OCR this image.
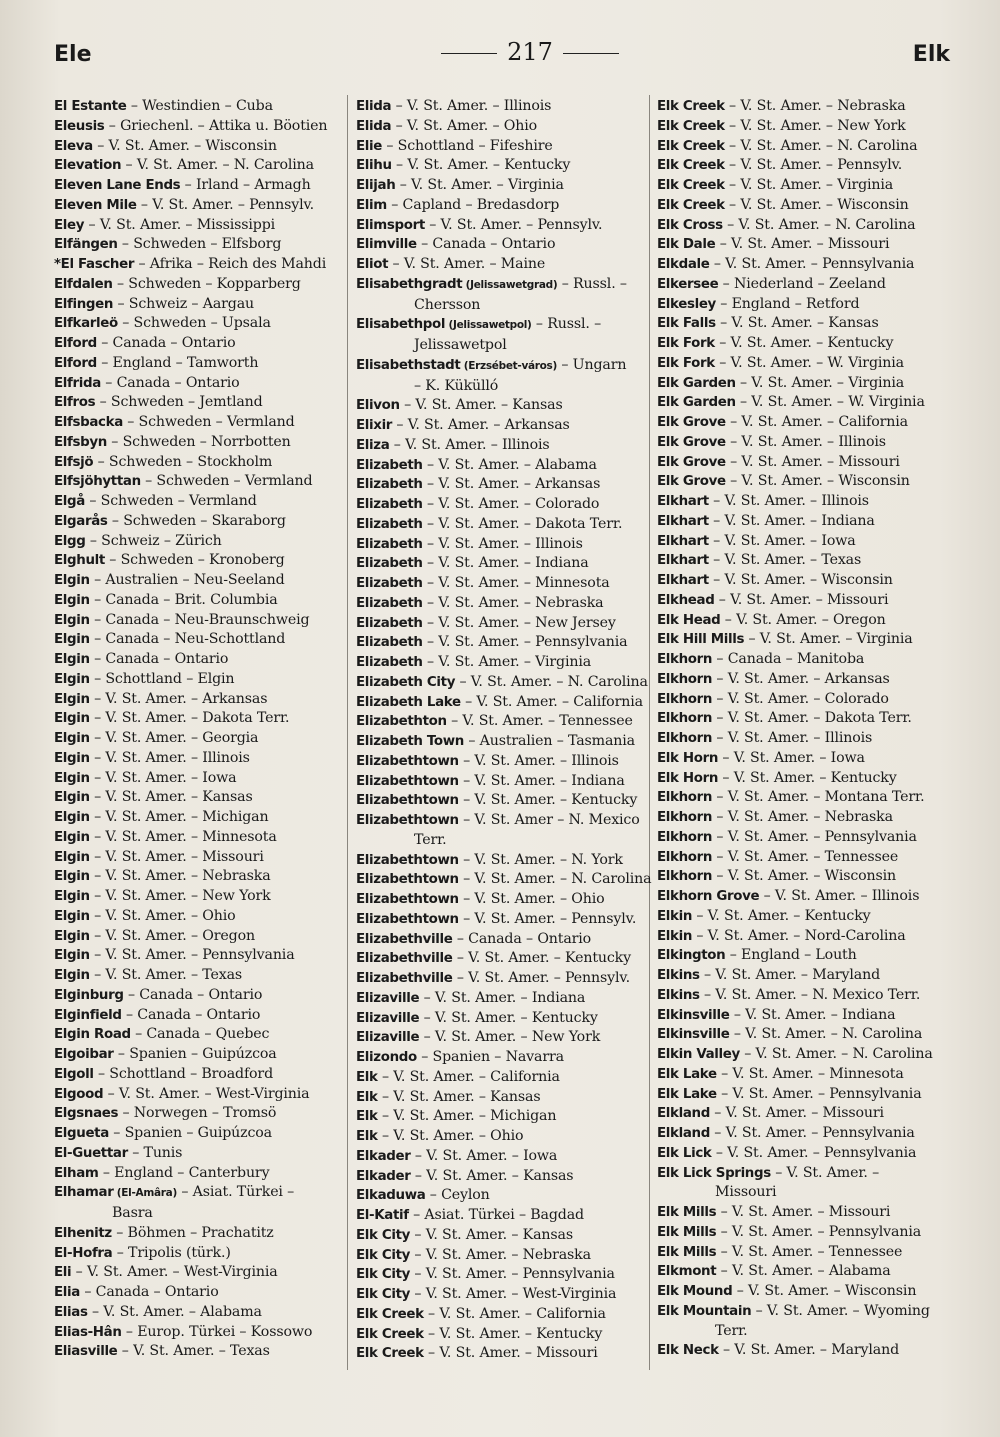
Ele	217	Elk
El Estante – Westindien – Cuba
Eleusis – Griechenl. – Attika u. Böotien
Eleva – V. St. Amer. – Wisconsin
Elevation – V. St. Amer. – N. Carolina
Eleven Lane Ends – Irland – Armagh
Eleven Mile – V. St. Amer. – Pennsylv.
Eley – V. St. Amer. – Mississippi
Elfängen – Schweden – Elfsborg
*El Fascher – Afrika – Reich des Mahdi
Elfdalen – Schweden – Kopparberg
Elfingen – Schweiz – Aargau
Elfkarleö – Schweden – Upsala
Elford – Canada – Ontario
Elford – England – Tamworth
Elfrida – Canada – Ontario
Elfros – Schweden – Jemtland
Elfsbacka – Schweden – Vermland
Elfsbyn – Schweden – Norrbotten
Elfsjö – Schweden – Stockholm
Elfsjöhyttan – Schweden – Vermland
Elgå – Schweden – Vermland
Elgarås – Schweden – Skaraborg
Elgg – Schweiz – Zürich
Elghult – Schweden – Kronoberg
Elgin – Australien – Neu-Seeland
Elgin – Canada – Brit. Columbia
Elgin – Canada – Neu-Braunschweig
Elgin – Canada – Neu-Schottland
Elgin – Canada – Ontario
Elgin – Schottland – Elgin
Elgin – V. St. Amer. – Arkansas
Elgin – V. St. Amer. – Dakota Terr.
Elgin – V. St. Amer. – Georgia
Elgin – V. St. Amer. – Illinois
Elgin – V. St. Amer. – Iowa
Elgin – V. St. Amer. – Kansas
Elgin – V. St. Amer. – Michigan
Elgin – V. St. Amer. – Minnesota
Elgin – V. St. Amer. – Missouri
Elgin – V. St. Amer. – Nebraska
Elgin – V. St. Amer. – New York
Elgin – V. St. Amer. – Ohio
Elgin – V. St. Amer. – Oregon
Elgin – V. St. Amer. – Pennsylvania
Elgin – V. St. Amer. – Texas
Elginburg – Canada – Ontario
Elginfield – Canada – Ontario
Elgin Road – Canada – Quebec
Elgoibar – Spanien – Guipúzcoa
Elgoll – Schottland – Broadford
Elgood – V. St. Amer. – West-Virginia
Elgsnaes – Norwegen – Tromsö
Elgueta – Spanien – Guipúzcoa
El-Guettar – Tunis
Elham – England – Canterbury
Elhamar (El-Amâra) – Asiat. Türkei –
Basra
Elhenitz – Böhmen – Prachatitz
El-Hofra – Tripolis (türk.)
Eli – V. St. Amer. – West-Virginia
Elia – Canada – Ontario
Elias – V. St. Amer. – Alabama
Elias-Hân – Europ. Türkei – Kossowo
Eliasville – V. St. Amer. – Texas
Elida – V. St. Amer. – Illinois
Elida – V. St. Amer. – Ohio
Elie – Schottland – Fifeshire
Elihu – V. St. Amer. – Kentucky
Elijah – V. St. Amer. – Virginia
Elim – Capland – Bredasdorp
Elimsport – V. St. Amer. – Pennsylv.
Elimville – Canada – Ontario
Eliot – V. St. Amer. – Maine
Elisabethgradt (Jelissawetgrad) – Russl. –
Chersson
Elisabethpol (Jelissawetpol) – Russl. –
Jelissawetpol
Elisabethstadt (Erzsébet-város) – Ungarn
– K. Kükülló
Elivon – V. St. Amer. – Kansas
Elixir – V. St. Amer. – Arkansas
Eliza – V. St. Amer. – Illinois
Elizabeth – V. St. Amer. – Alabama
Elizabeth – V. St. Amer. – Arkansas
Elizabeth – V. St. Amer. – Colorado
Elizabeth – V. St. Amer. – Dakota Terr.
Elizabeth – V. St. Amer. – Illinois
Elizabeth – V. St. Amer. – Indiana
Elizabeth – V. St. Amer. – Minnesota
Elizabeth – V. St. Amer. – Nebraska
Elizabeth – V. St. Amer. – New Jersey
Elizabeth – V. St. Amer. – Pennsylvania
Elizabeth – V. St. Amer. – Virginia
Elizabeth City – V. St. Amer. – N. Carolina
Elizabeth Lake – V. St. Amer. – California
Elizabethton – V. St. Amer. – Tennessee
Elizabeth Town – Australien – Tasmania
Elizabethtown – V. St. Amer. – Illinois
Elizabethtown – V. St. Amer. – Indiana
Elizabethtown – V. St. Amer. – Kentucky
Elizabethtown – V. St. Amer – N. Mexico
Terr.
Elizabethtown – V. St. Amer. – N. York
Elizabethtown – V. St. Amer. – N. Carolina
Elizabethtown – V. St. Amer. – Ohio
Elizabethtown – V. St. Amer. – Pennsylv.
Elizabethville – Canada – Ontario
Elizabethville – V. St. Amer. – Kentucky
Elizabethville – V. St. Amer. – Pennsylv.
Elizaville – V. St. Amer. – Indiana
Elizaville – V. St. Amer. – Kentucky
Elizaville – V. St. Amer. – New York
Elizondo – Spanien – Navarra
Elk – V. St. Amer. – California
Elk – V. St. Amer. – Kansas
Elk – V. St. Amer. – Michigan
Elk – V. St. Amer. – Ohio
Elkader – V. St. Amer. – Iowa
Elkader – V. St. Amer. – Kansas
Elkaduwa – Ceylon
El-Katif – Asiat. Türkei – Bagdad
Elk City – V. St. Amer. – Kansas
Elk City – V. St. Amer. – Nebraska
Elk City – V. St. Amer. – Pennsylvania
Elk City – V. St. Amer. – West-Virginia
Elk Creek – V. St. Amer. – California
Elk Creek – V. St. Amer. – Kentucky
Elk Creek – V. St. Amer. – Missouri
Elk Creek – V. St. Amer. – Nebraska
Elk Creek – V. St. Amer. – New York
Elk Creek – V. St. Amer. – N. Carolina
Elk Creek – V. St. Amer. – Pennsylv.
Elk Creek – V. St. Amer. – Virginia
Elk Creek – V. St. Amer. – Wisconsin
Elk Cross – V. St. Amer. – N. Carolina
Elk Dale – V. St. Amer. – Missouri
Elkdale – V. St. Amer. – Pennsylvania
Elkersee – Niederland – Zeeland
Elkesley – England – Retford
Elk Falls – V. St. Amer. – Kansas
Elk Fork – V. St. Amer. – Kentucky
Elk Fork – V. St. Amer. – W. Virginia
Elk Garden – V. St. Amer. – Virginia
Elk Garden – V. St. Amer. – W. Virginia
Elk Grove – V. St. Amer. – California
Elk Grove – V. St. Amer. – Illinois
Elk Grove – V. St. Amer. – Missouri
Elk Grove – V. St. Amer. – Wisconsin
Elkhart – V. St. Amer. – Illinois
Elkhart – V. St. Amer. – Indiana
Elkhart – V. St. Amer. – Iowa
Elkhart – V. St. Amer. – Texas
Elkhart – V. St. Amer. – Wisconsin
Elkhead – V. St. Amer. – Missouri
Elk Head – V. St. Amer. – Oregon
Elk Hill Mills – V. St. Amer. – Virginia
Elkhorn – Canada – Manitoba
Elkhorn – V. St. Amer. – Arkansas
Elkhorn – V. St. Amer. – Colorado
Elkhorn – V. St. Amer. – Dakota Terr.
Elkhorn – V. St. Amer. – Illinois
Elk Horn – V. St. Amer. – Iowa
Elk Horn – V. St. Amer. – Kentucky
Elkhorn – V. St. Amer. – Montana Terr.
Elkhorn – V. St. Amer. – Nebraska
Elkhorn – V. St. Amer. – Pennsylvania
Elkhorn – V. St. Amer. – Tennessee
Elkhorn – V. St. Amer. – Wisconsin
Elkhorn Grove – V. St. Amer. – Illinois
Elkin – V. St. Amer. – Kentucky
Elkin – V. St. Amer. – Nord-Carolina
Elkington – England – Louth
Elkins – V. St. Amer. – Maryland
Elkins – V. St. Amer. – N. Mexico Terr.
Elkinsville – V. St. Amer. – Indiana
Elkinsville – V. St. Amer. – N. Carolina
Elkin Valley – V. St. Amer. – N. Carolina
Elk Lake – V. St. Amer. – Minnesota
Elk Lake – V. St. Amer. – Pennsylvania
Elkland – V. St. Amer. – Missouri
Elkland – V. St. Amer. – Pennsylvania
Elk Lick – V. St. Amer. – Pennsylvania
Elk Lick Springs – V. St. Amer. –
Missouri
Elk Mills – V. St. Amer. – Missouri
Elk Mills – V. St. Amer. – Pennsylvania
Elk Mills – V. St. Amer. – Tennessee
Elkmont – V. St. Amer. – Alabama
Elk Mound – V. St. Amer. – Wisconsin
Elk Mountain – V. St. Amer. – Wyoming
Terr.
Elk Neck – V. St. Amer. – Maryland
